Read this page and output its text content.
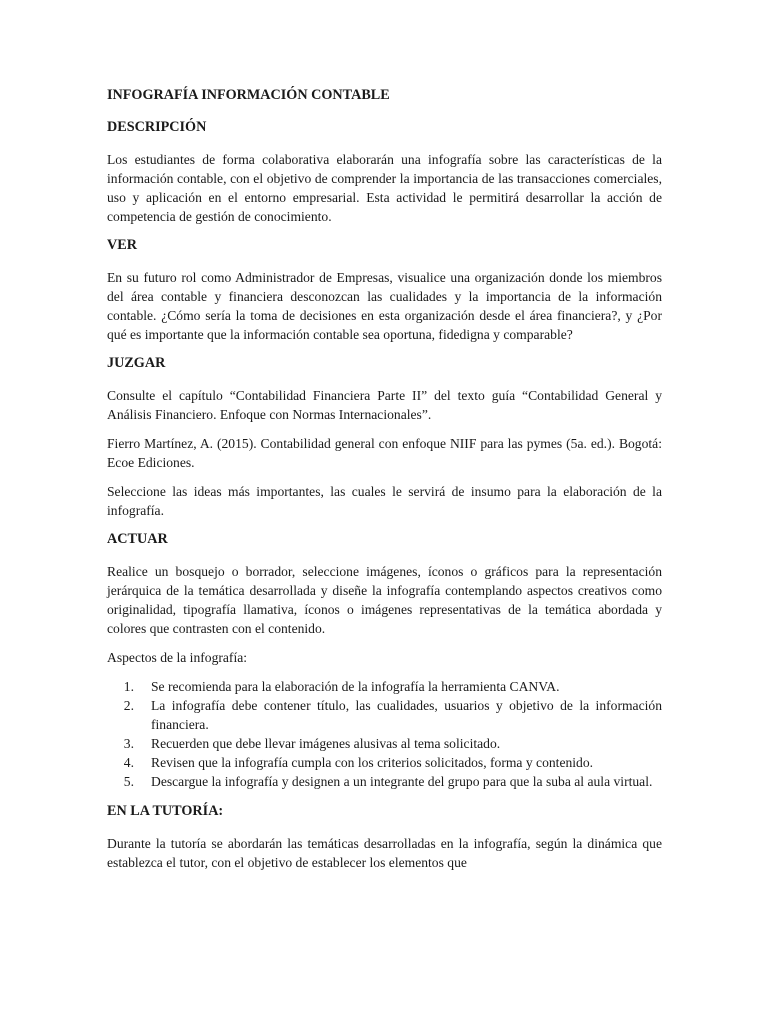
INFOGRAFÍA INFORMACIÓN CONTABLE
DESCRIPCIÓN

Los estudiantes de forma colaborativa elaborarán una infografía sobre las características de la información contable, con el objetivo de comprender la importancia de las transacciones comerciales, uso y aplicación en el entorno empresarial. Esta actividad le permitirá desarrollar la acción de competencia de gestión de conocimiento.

VER

En su futuro rol como Administrador de Empresas, visualice una organización donde los miembros del área contable y financiera desconozcan las cualidades y la importancia de la información contable. ¿Cómo sería la toma de decisiones en esta organización desde el área financiera?, y ¿Por qué es importante que la información contable sea oportuna, fidedigna y comparable?

JUZGAR

Consulte el capítulo “Contabilidad Financiera Parte II” del texto guía “Contabilidad General y Análisis Financiero. Enfoque con Normas Internacionales”.

Fierro Martínez, A. (2015). Contabilidad general con enfoque NIIF para las pymes (5a. ed.). Bogotá: Ecoe Ediciones.

Seleccione las ideas más importantes, las cuales le servirá de insumo para la elaboración de la infografía.

ACTUAR

Realice un bosquejo o borrador, seleccione imágenes, íconos o gráficos para la representación jerárquica de la temática desarrollada y diseñe la infografía contemplando aspectos creativos como originalidad, tipografía llamativa, íconos o imágenes representativas de la temática abordada y colores que contrasten con el contenido.

Aspectos de la infografía:

1.	Se recomienda para la elaboración de la infografía la herramienta CANVA.
2.	La infografía debe contener título, las cualidades, usuarios y objetivo de la información financiera.
3.	Recuerden que debe llevar imágenes alusivas al tema solicitado.
4.	Revisen que la infografía cumpla con los criterios solicitados, forma y contenido.
5.	Descargue la infografía y designen a un integrante del grupo para que la suba al aula virtual.
EN LA TUTORÍA:

Durante la tutoría se abordarán las temáticas desarrolladas en la infografía, según la dinámica que establezca el tutor, con el objetivo de establecer los elementos que
